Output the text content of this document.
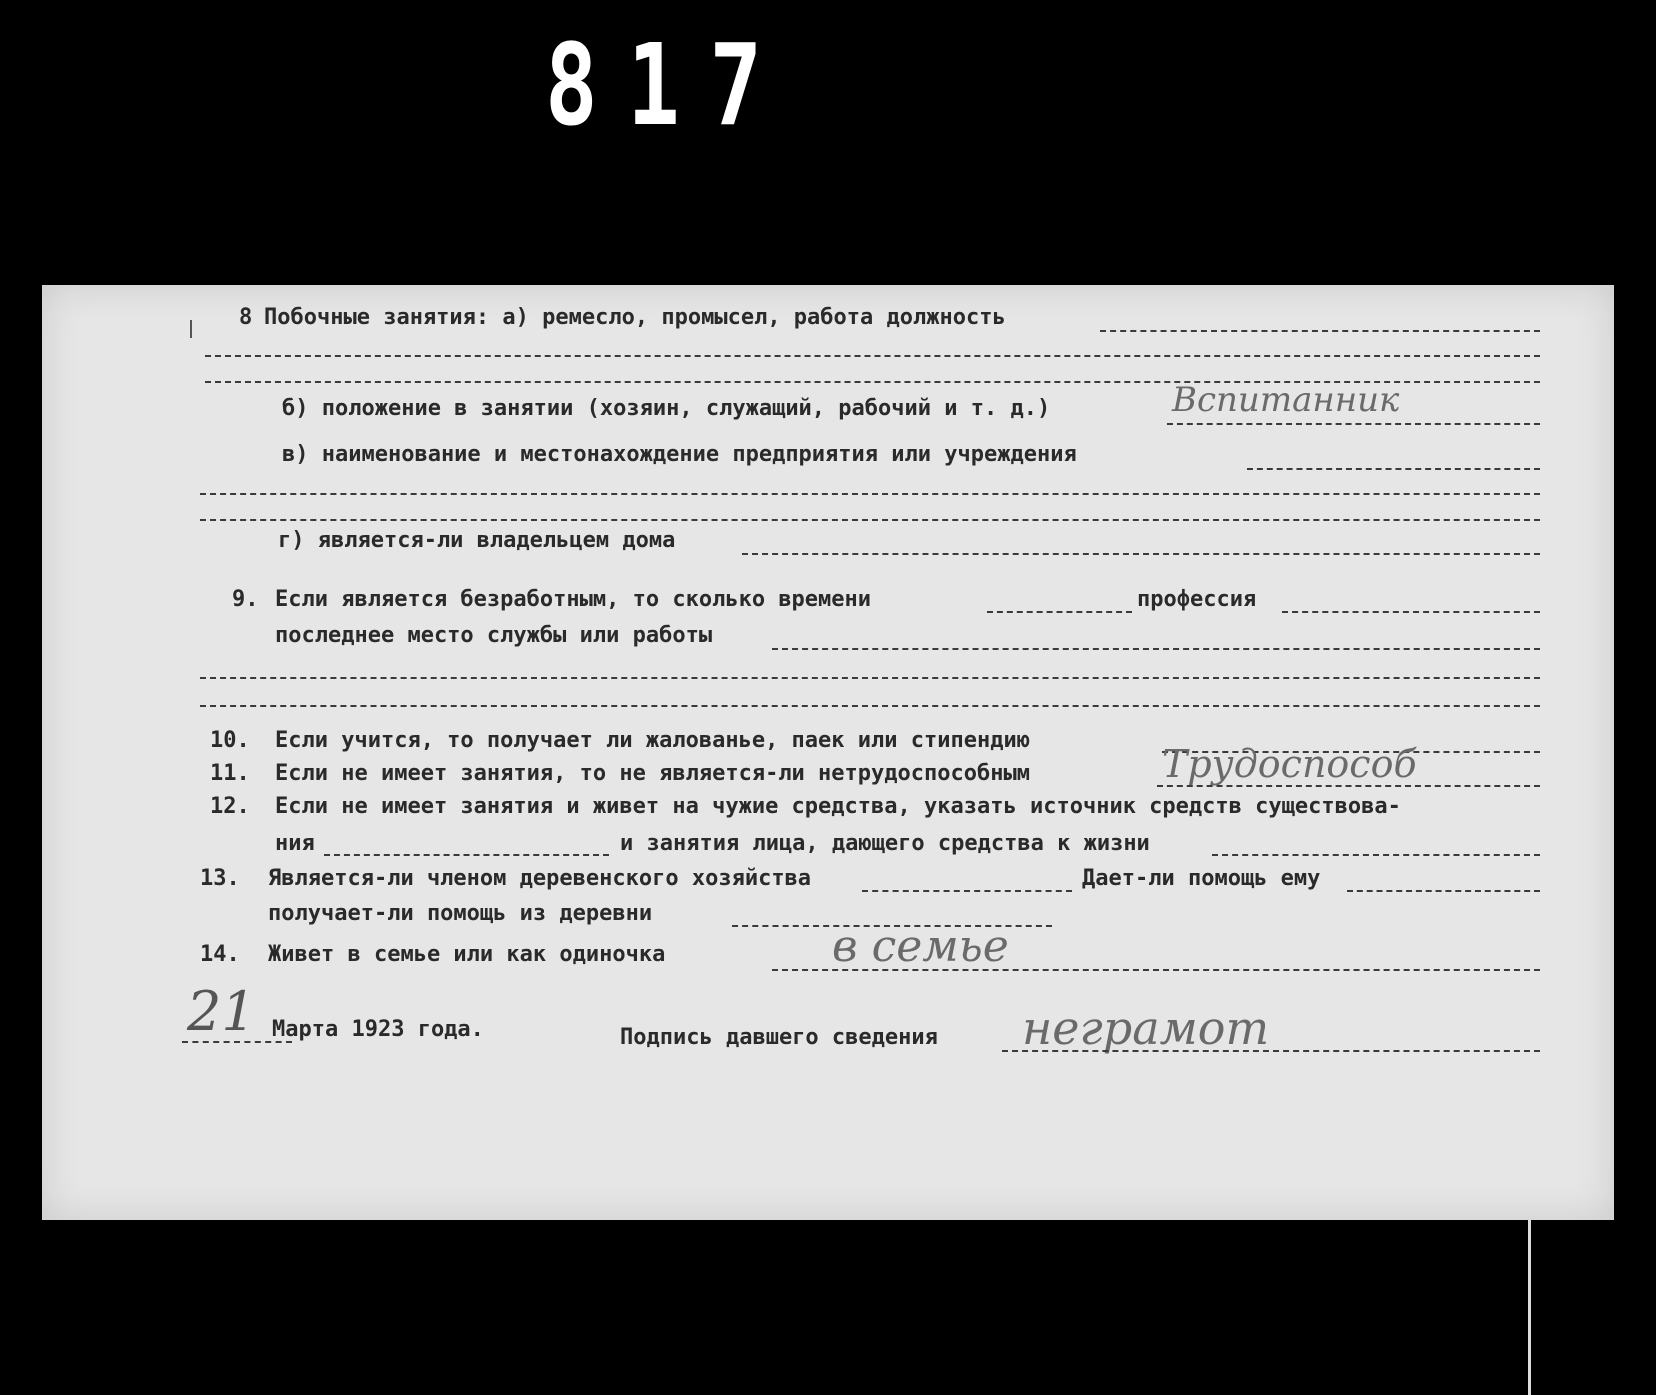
817
8 Побочные занятия: а) ремесло, промысел, работа должность
б) положение в занятии (хозяин, служащий, рабочий и т. д.)	Вспитанник
в) наименование и местонахождение предприятия или учреждения
г) является-ли владельцем дома
9. Если является безработным, то сколько времени	профессия
последнее место службы или работы
10. Если учится, то получает ли жалованье, паек или стипендию
11. Если не имеет занятия, то не является-ли нетрудоспособным	Трудоспособ
12. Если не имеет занятия и живет на чужие средства, указать источник средств существова-
ния	и занятия лица, дающего средства к жизни
13. Является-ли членом деревенского хозяйства	Дает-ли помощь ему
получает-ли помощь из деревни
14. Живет в семье или как одиночка	в семье
21 Марта 1923 года.	Подпись давшего сведения неграмот
